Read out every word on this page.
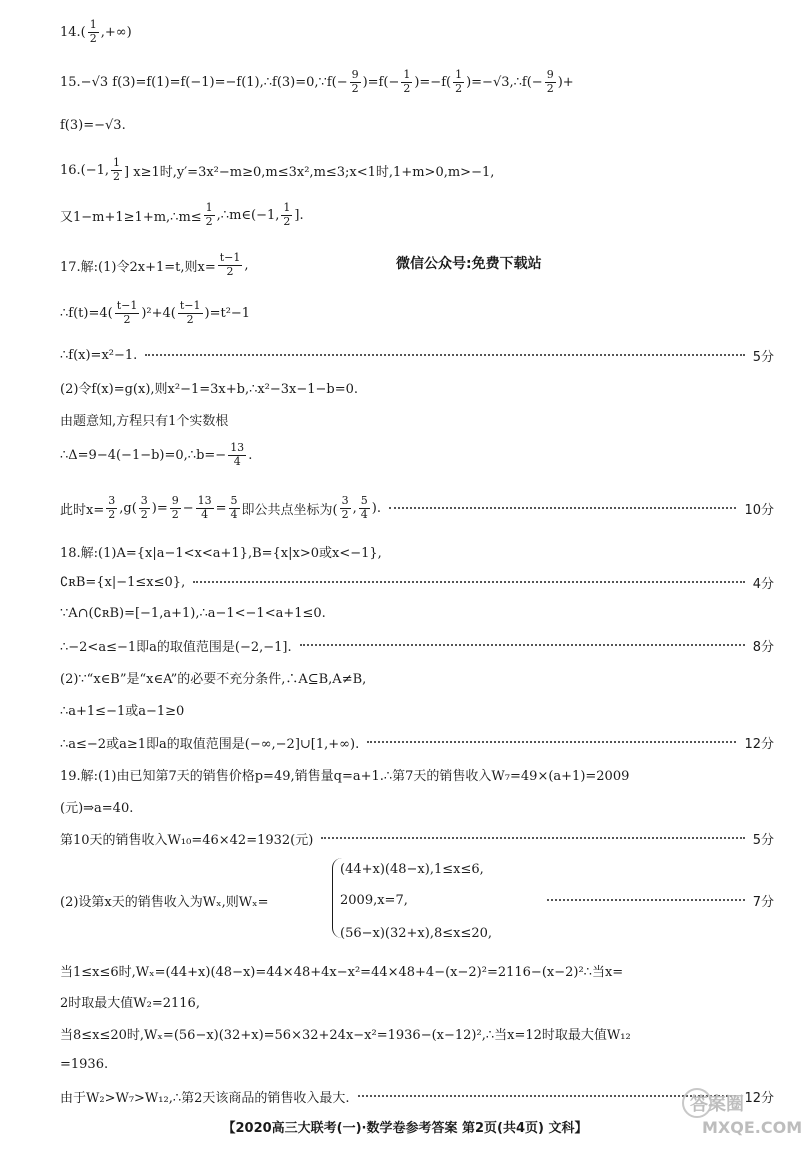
$14.( \frac{1}{2}$ ,+∞)
15.−√3 f(3)=f(1)=f(−1)=−f(1),∴f(3)=0,∵f(− $\frac{9}{2} )=f(- \frac{1}{2} )=-f( \frac{1}{2}$ )=−√3,∴f(− $\frac{9}{2}$ )+
f(3)=−√3.
16.(−1, $\frac{1}{2}$ ] x≥1时,y′=3x²−m≥0,m≤3x²,m≤3;x<1时,1+m>0,m>−1,
又1−m+1≥1+m,∴m≤ $\frac{1}{2}$ ,∴m∈(−1, $\frac{1}{2}$ ].
17.解:(1)令2x+1=t,则$x= \frac{t-1}{2}$ ,	微信公众号:免费下载站
∴f(t)=4( $\frac{t-1}{2} )^2+4( \frac{t-1}{2} )=t^2-1$
∴f(x)=x²−1.	5分
(2)令f(x)=g(x),则x²−1=3x+b,∴x²−3x−1−b=0.
由题意知,方程只有1个实数根
∴Δ=9−4(−1−b)=0,∴b=− $\frac{13}{4}$ .
此时$x= \frac{3}{2} ,g( \frac{3}{2}$ )= $\frac{9}{2} - \frac{13}{4} = \frac{5}{4}$ 即公共点坐标为( $\frac{3}{2}$ , $\frac{5}{4}$ ).	10分
18.解:(1)A={x|a−1<x<a+1},B={x|x>0或x<−1},
∁ʀB={x|−1≤x≤0},	4分
∵A∩(∁ʀB)=[−1,a+1),∴a−1<−1<a+1≤0.
∴−2<a≤−1即a的取值范围是(−2,−1].	8分
(2)∵“x∈B”是“x∈A”的必要不充分条件,∴A⊆B,A≠B,
∴a+1≤−1或a−1≥0
∴a≤−2或a≥1即a的取值范围是(−∞,−2]∪[1,+∞).	12分
19.解:(1)由已知第7天的销售价格p=49,销售量q=a+1.∴第7天的销售收入W₇=49×(a+1)=2009
(元)⇒a=40.
第10天的销售收入W₁₀=46×42=1932(元)	5分
(2)设第x天的销售收入为Wₓ,则Wₓ=	7分
(44+x)(48−x),1≤x≤6,
2009,x=7,
(56−x)(32+x),8≤x≤20,
当1≤x≤6时,Wₓ=(44+x)(48−x)=44×48+4x−x²=44×48+4−(x−2)²=2116−(x−2)²∴当x=
2时取最大值W₂=2116,
当8≤x≤20时,Wₓ=(56−x)(32+x)=56×32+24x−x²=1936−(x−12)²,∴当x=12时取最大值W₁₂
=1936.
由于W₂>W₇>W₁₂,∴第2天该商品的销售收入最大.	12分
【2020高三大联考(一)·数学卷参考答案 第2页(共4页) 文科】
答案圈
MXQE.COM
